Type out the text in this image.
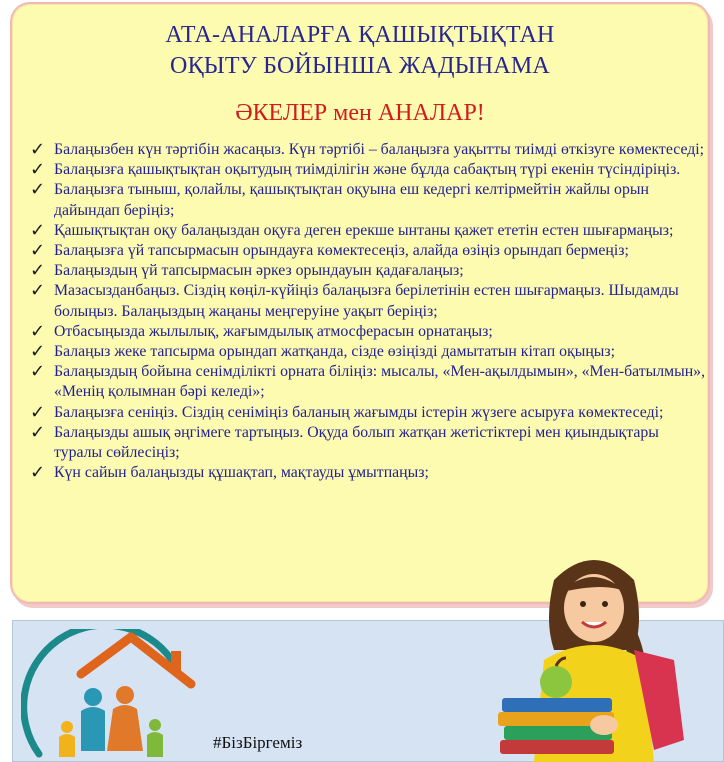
АТА-АНАЛАРҒА ҚАШЫҚТЫҚТАН
ОҚЫТУ БОЙЫНША ЖАДЫНАМА
ӘКЕЛЕР мен АНАЛАР!
✓ Балаңызбен күн тәртібін жасаңыз. Күн тәртібі – балаңызға уақытты тиімді өткізуге көмектеседі;
✓ Балаңызға қашықтықтан оқытудың тиімділігін және бұлда сабақтың түрі екенін түсіндіріңіз.
✓ Балаңызға тыныш, қолайлы, қашықтықтан оқуына еш кедергі келтірмейтін жайлы орын дайындап беріңіз;
✓ Қашықтықтан оқу балаңыздан оқуға деген ерекше ынтаны қажет ететін естен шығармаңыз;
✓ Балаңызға үй тапсырмасын орындауға көмектесеңіз, алайда өзіңіз орындап бермеңіз;
✓ Балаңыздың үй тапсырмасын әркез орындауын қадағалаңыз;
✓ Мазасызданбаңыз. Сіздің көңіл-күйіңіз балаңызға берілетінін естен шығармаңыз. Шыдамды болыңыз. Балаңыздың жаңаны меңгеруіне уақыт беріңіз;
✓ Отбасыңызда жылылық, жағымдылық атмосферасын орнатаңыз;
✓ Балаңыз жеке тапсырма орындап жатқанда, сізде өзіңізді дамытатын кітап оқыңыз;
✓ Балаңыздың бойына сенімділікті орната біліңіз: мысалы, «Мен-ақылдымын», «Мен-батылмын», «Менің қолымнан бәрі келеді»;
✓ Балаңызға сеніңіз. Сіздің сеніміңіз баланың жағымды істерін жүзеге асыруға көмектеседі;
✓ Балаңызды ашық әңгімеге тартыңыз. Оқуда болып жатқан жетістіктері мен қиындықтары туралы сөйлесіңіз;
✓ Күн сайын балаңызды құшақтап, мақтауды ұмытпаңыз;
#БізБіргеміз
